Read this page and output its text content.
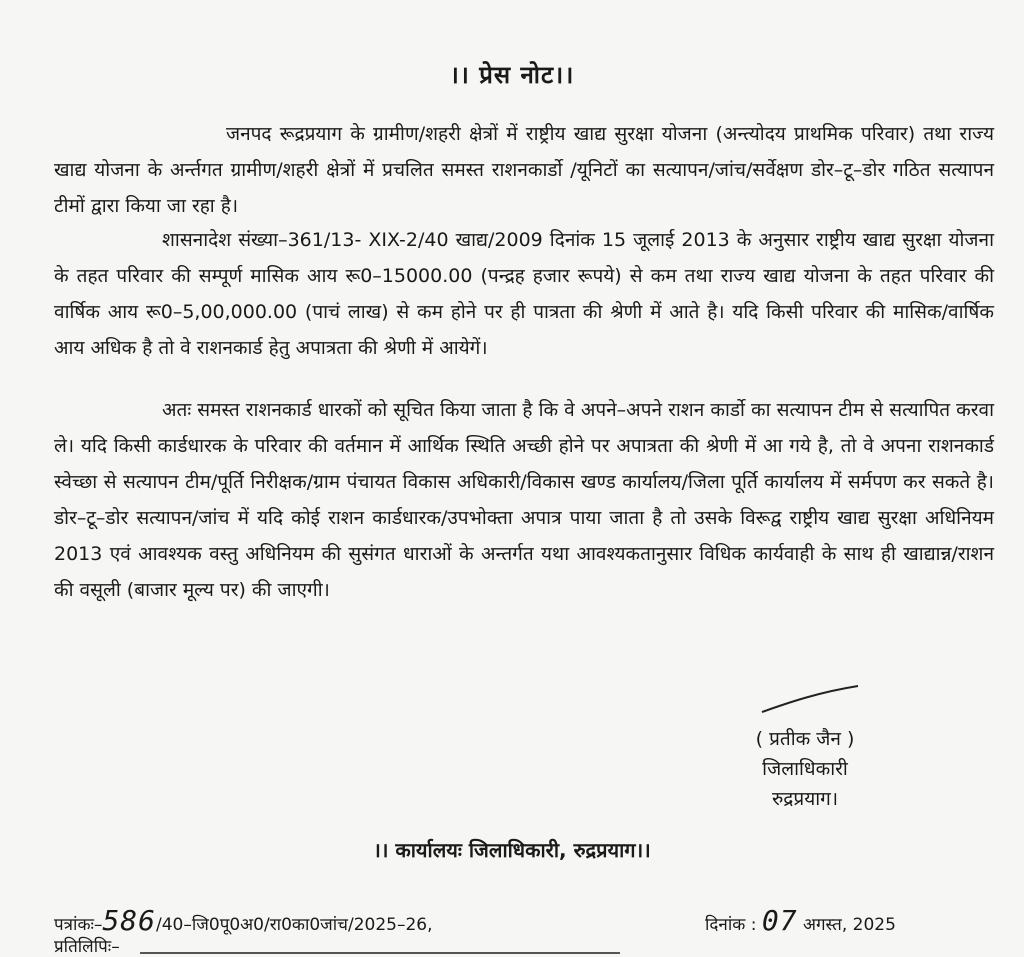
।। प्रेस नोट।।

जनपद रूद्रप्रयाग के ग्रामीण/शहरी क्षेत्रों में राष्ट्रीय खाद्य सुरक्षा योजना (अन्त्योदय प्राथमिक परिवार) तथा राज्य खाद्य योजना के अर्न्तगत ग्रामीण/शहरी क्षेत्रों में प्रचलित समस्त राशनकार्डो /यूनिटों का सत्यापन/जांच/सर्वेक्षण डोर–टू–डोर गठित सत्यापन टीमों द्वारा किया जा रहा है।

शासनादेश संख्या–361/13- XIX-2/40 खाद्य/2009 दिनांक 15 जूलाई 2013 के अनुसार राष्ट्रीय खाद्य सुरक्षा योजना के तहत परिवार की सम्पूर्ण मासिक आय रू0–15000.00 (पन्द्रह हजार रूपये) से कम तथा राज्य खाद्य योजना के तहत परिवार की वार्षिक आय रू0–5,00,000.00 (पाचं लाख) से कम होने पर ही पात्रता की श्रेणी में आते है। यदि किसी परिवार की मासिक/वार्षिक आय अधिक है तो वे राशनकार्ड हेतु अपात्रता की श्रेणी में आयेगें।

अतः समस्त राशनकार्ड धारकों को सूचित किया जाता है कि वे अपने–अपने राशन कार्डो का सत्यापन टीम से सत्यापित करवा ले। यदि किसी कार्डधारक के परिवार की वर्तमान में आर्थिक स्थिति अच्छी होने पर अपात्रता की श्रेणी में आ गये है, तो वे अपना राशनकार्ड स्वेच्छा से सत्यापन टीम/पूर्ति निरीक्षक/ग्राम पंचायत विकास अधिकारी/विकास खण्ड कार्यालय/जिला पूर्ति कार्यालय में सर्मपण कर सकते है। डोर–टू–डोर सत्यापन/जांच में यदि कोई राशन कार्डधारक/उपभोक्ता अपात्र पाया जाता है तो उसके विरूद्व राष्ट्रीय खाद्य सुरक्षा अधिनियम 2013 एवं आवश्यक वस्तु अधिनियम की सुसंगत धाराओं के अन्तर्गत यथा आवश्यकतानुसार विधिक कार्यवाही के साथ ही खाद्यान्न/राशन की वसूली (बाजार मूल्य पर) की जाएगी।

( प्रतीक जैन )
जिलाधिकारी
रुद्रप्रयाग।
।। कार्यालयः जिलाधिकारी, रुद्रप्रयाग।।
पत्रांकः–586/40–जि0पू0अ0/रा0का0जांच/2025–26,	दिनांक : 07 अगस्त, 2025
प्रतिलिपिः–
